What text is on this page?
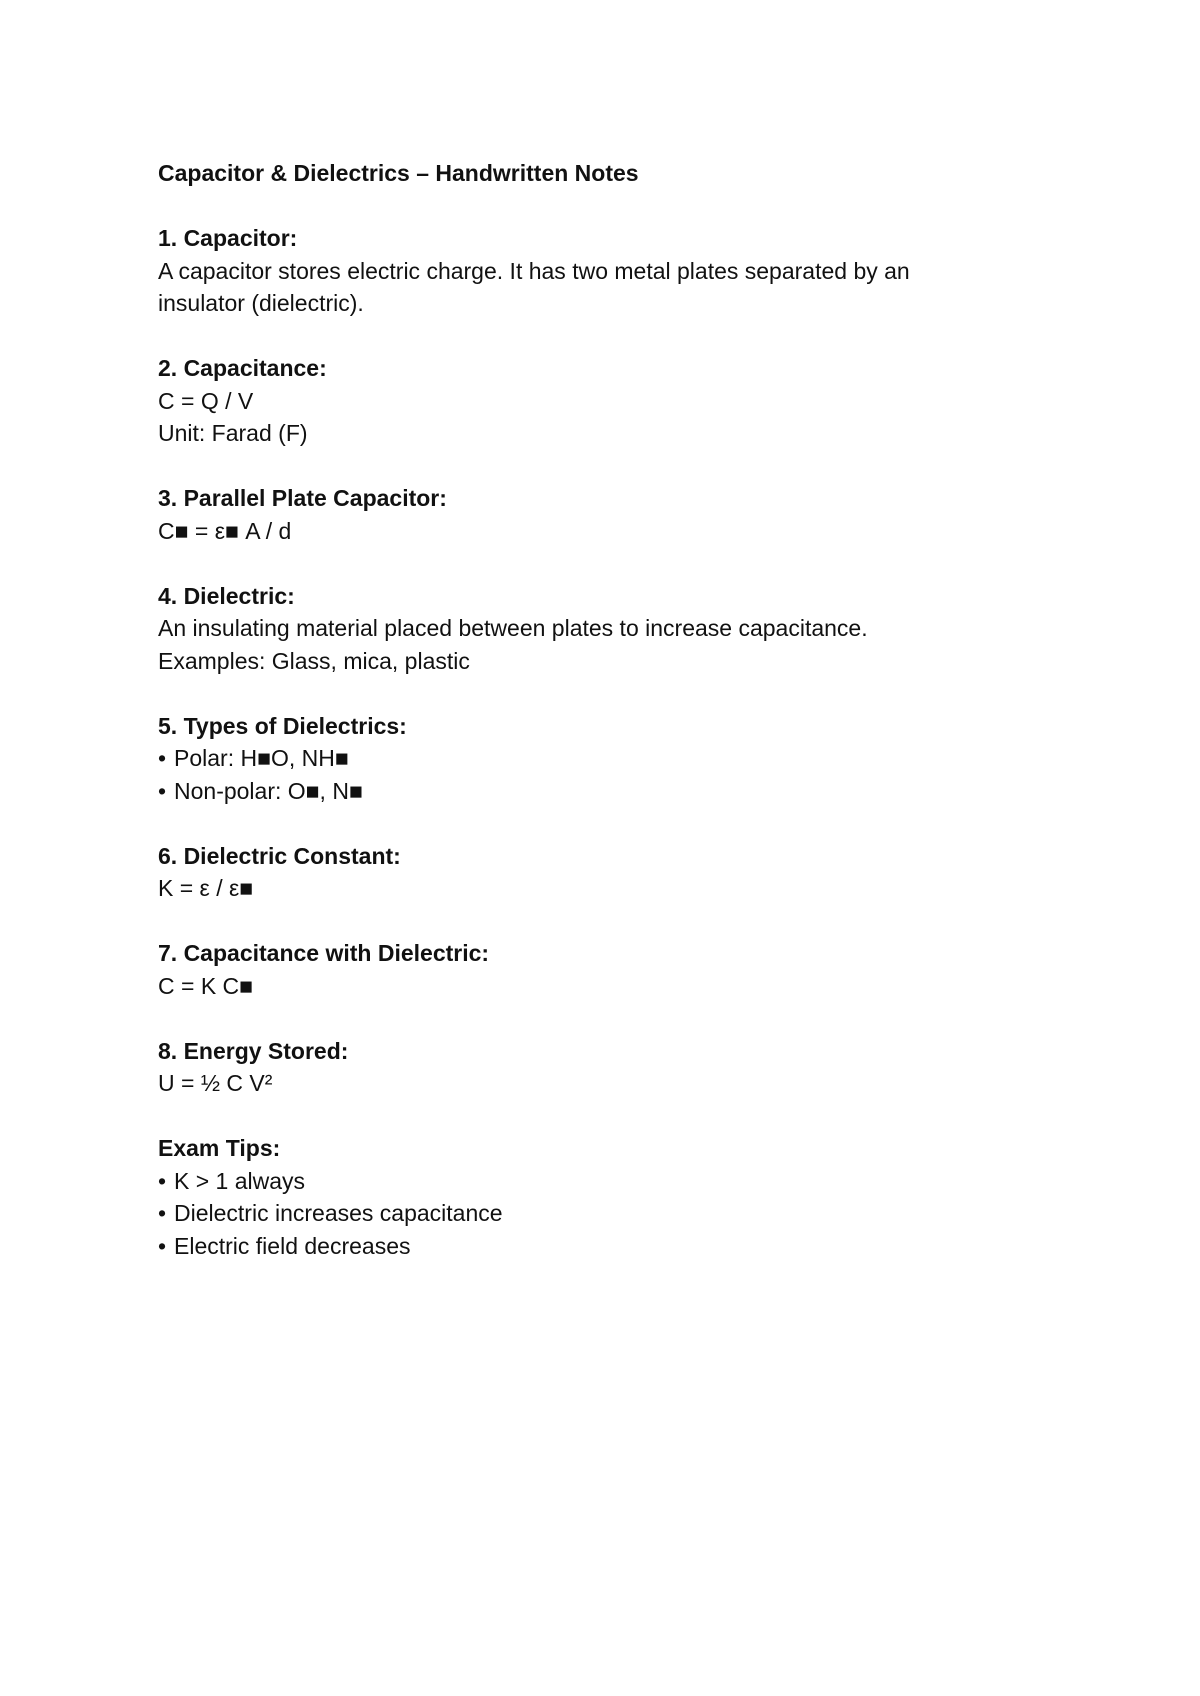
Capacitor & Dielectrics – Handwritten Notes
1. Capacitor:
A capacitor stores electric charge. It has two metal plates separated by an
insulator (dielectric).
2. Capacitance:
C = Q / V
Unit: Farad (F)
3. Parallel Plate Capacitor:
C■ = ε■ A / d
4. Dielectric:
An insulating material placed between plates to increase capacitance.
Examples: Glass, mica, plastic
5. Types of Dielectrics:
• Polar: H■O, NH■
• Non-polar: O■, N■
6. Dielectric Constant:
K = ε / ε■
7. Capacitance with Dielectric:
C = K C■
8. Energy Stored:
U = ½ C V²
Exam Tips:
• K > 1 always
• Dielectric increases capacitance
• Electric field decreases
